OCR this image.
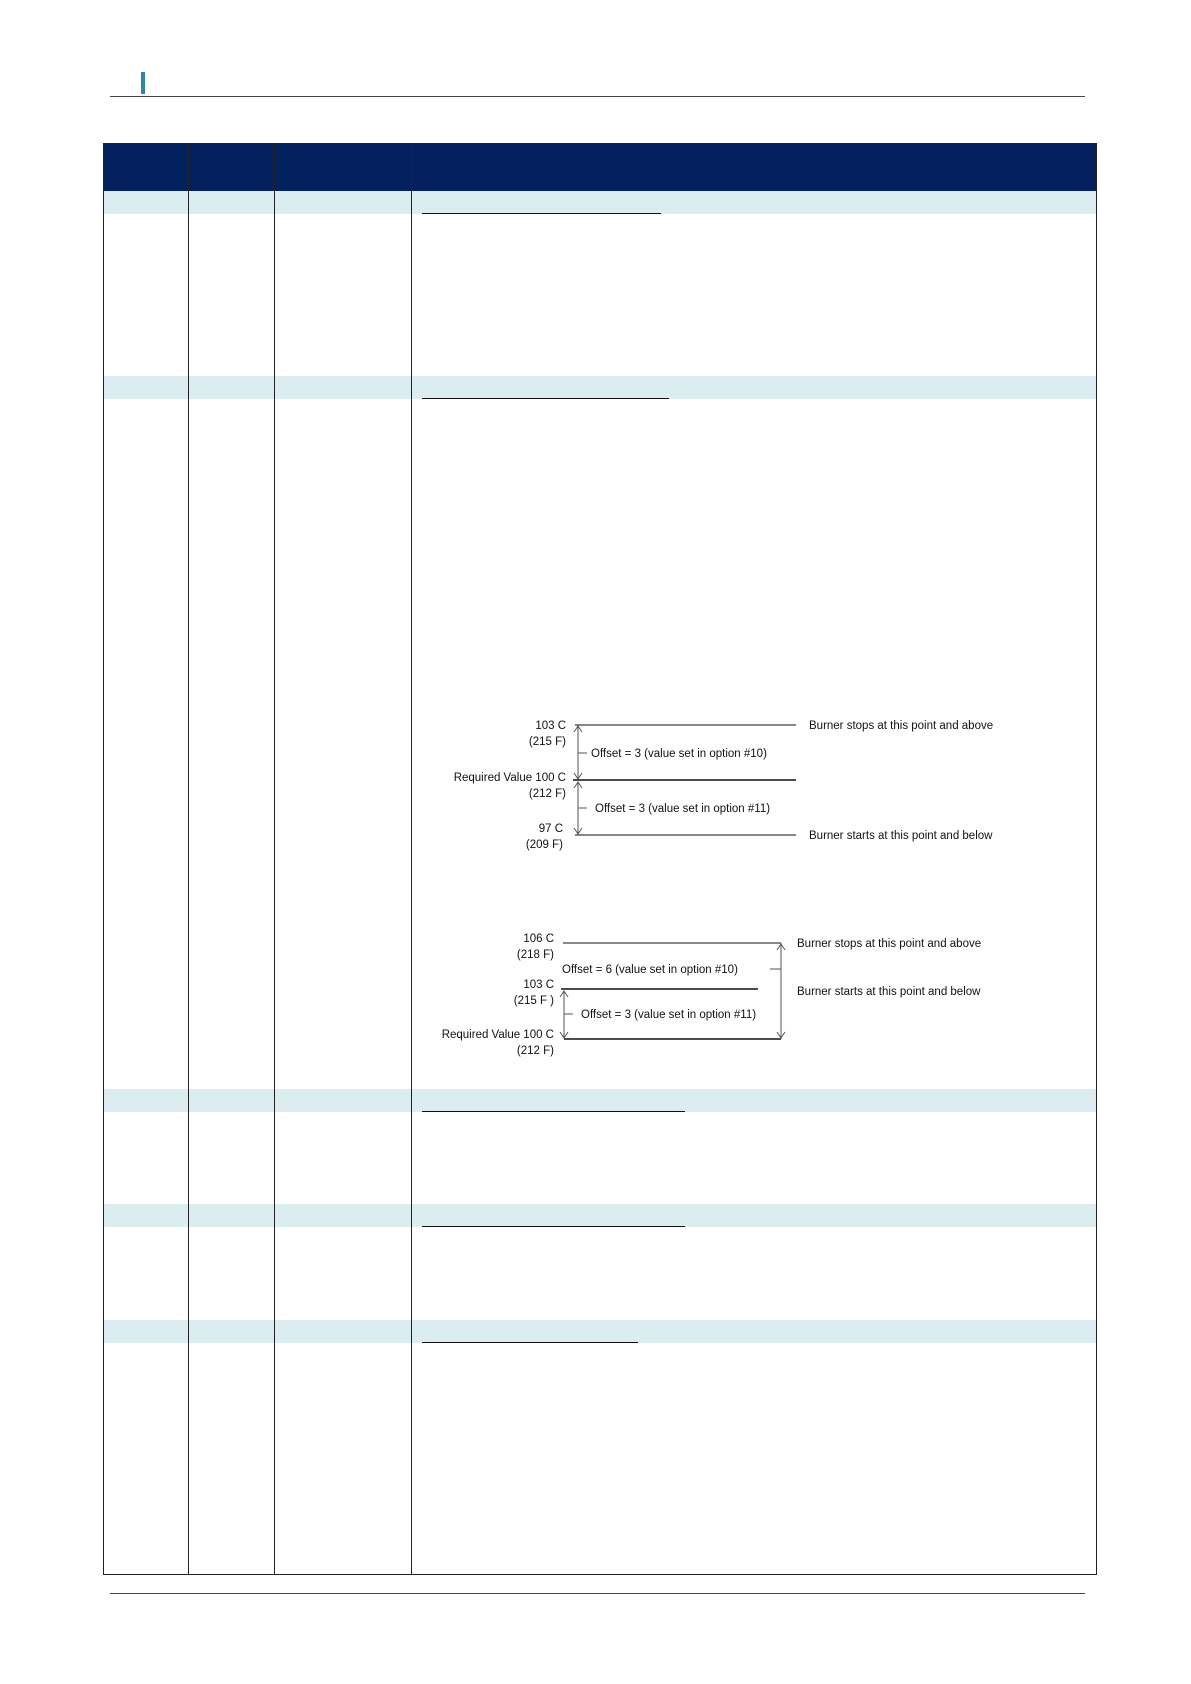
103 C
(215 F)
Required Value 100 C
(212 F)
97 C
(209 F)
Offset = 3 (value set in option #10)
Offset = 3 (value set in option #11)
Burner stops at this point and above
Burner starts at this point and below
106 C
(218 F)
103 C
(215 F )
Required Value 100 C
(212 F)
Offset = 6 (value set in option #10)
Offset = 3 (value set in option #11)
Burner stops at this point and above
Burner starts at this point and below
